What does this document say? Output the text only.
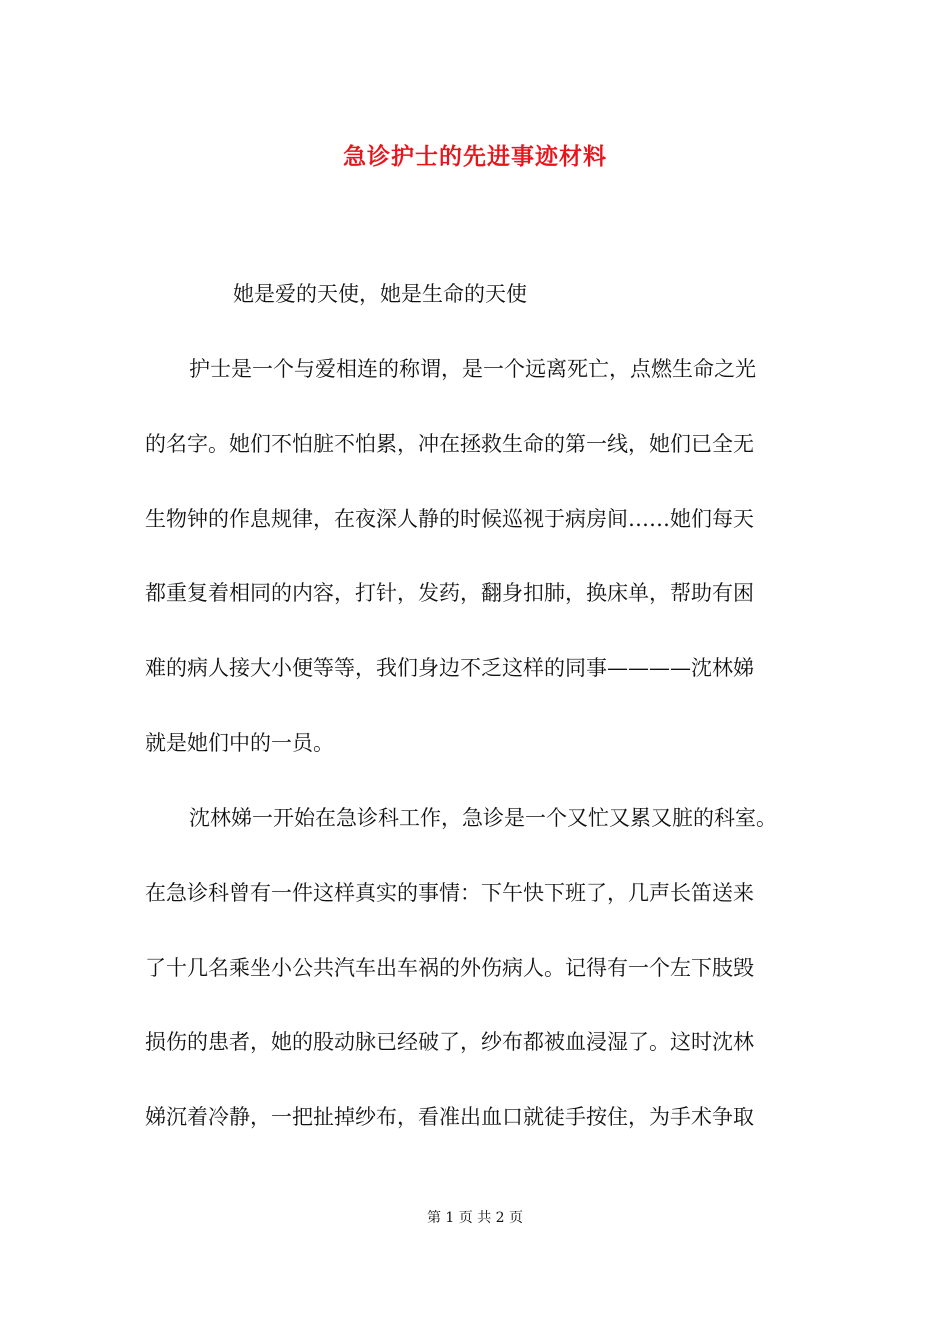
急诊护士的先进事迹材料
她是爱的天使，她是生命的天使
护士是一个与爱相连的称谓，是一个远离死亡，点燃生命之光
的名字。她们不怕脏不怕累，冲在拯救生命的第一线，她们已全无
生物钟的作息规律，在夜深人静的时候巡视于病房间……她们每天
都重复着相同的内容，打针，发药，翻身扣肺，换床单，帮助有困
难的病人接大小便等等，我们身边不乏这样的同事————沈林娣
就是她们中的一员。
沈林娣一开始在急诊科工作，急诊是一个又忙又累又脏的科室。
在急诊科曾有一件这样真实的事情：下午快下班了，几声长笛送来
了十几名乘坐小公共汽车出车祸的外伤病人。记得有一个左下肢毁
损伤的患者，她的股动脉已经破了，纱布都被血浸湿了。这时沈林
娣沉着冷静，一把扯掉纱布，看准出血口就徒手按住，为手术争取
第 1 页 共 2 页
